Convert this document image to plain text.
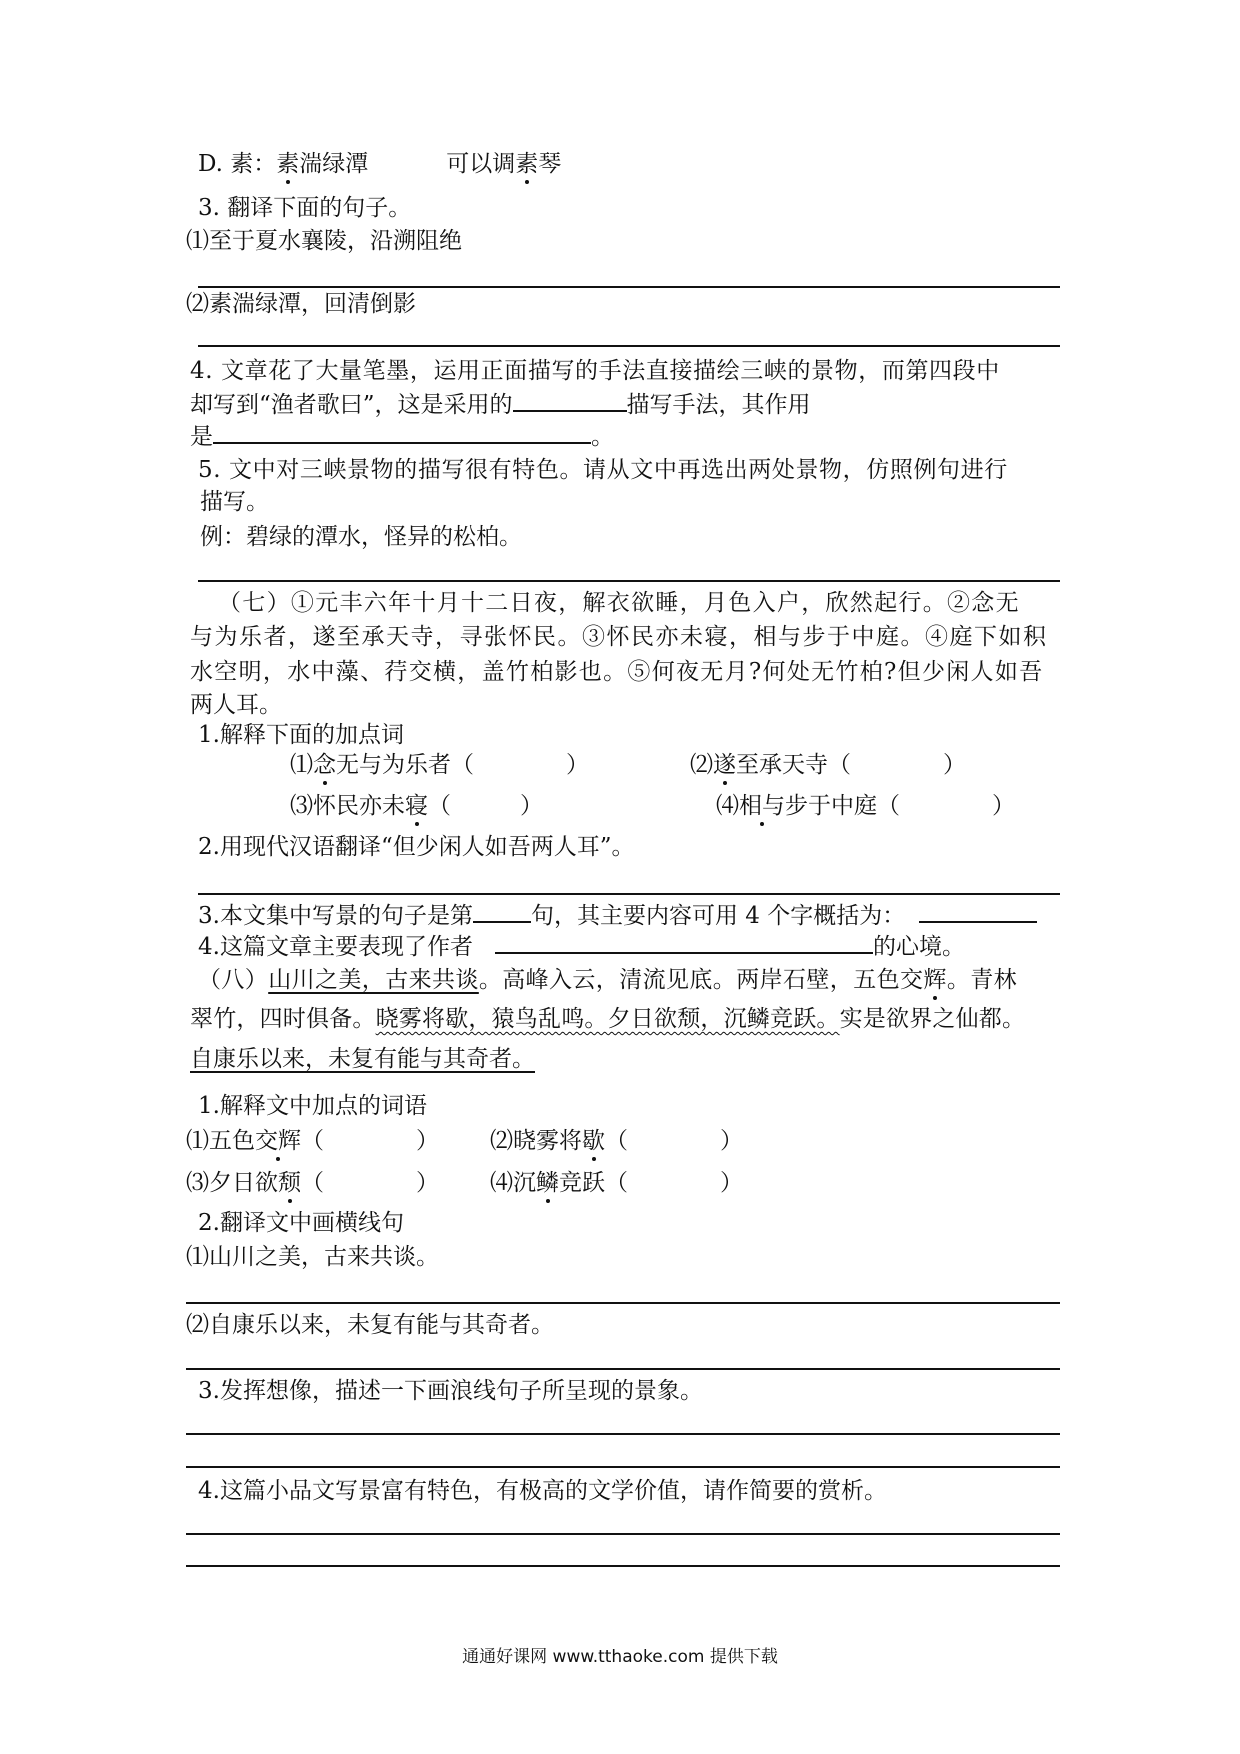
D. 素：素湍绿潭	可以调素琴
3. 翻译下面的句子。
⑴至于夏水襄陵，沿溯阻绝
⑵素湍绿潭，回清倒影
4. 文章花了大量笔墨，运用正面描写的手法直接描绘三峡的景物，而第四段中
却写到“渔者歌曰”，这是采用的	描写手法，其作用
是	。
5. 文中对三峡景物的描写很有特色。请从文中再选出两处景物，仿照例句进行
描写。
例：碧绿的潭水，怪异的松柏。
（七）①元丰六年十月十二日夜，解衣欲睡，月色入户，欣然起行。②念无
与为乐者，遂至承天寺，寻张怀民。③怀民亦未寝，相与步于中庭。④庭下如积
水空明，水中藻、荇交横，盖竹柏影也。⑤何夜无月?何处无竹柏?但少闲人如吾
两人耳。
1.解释下面的加点词
⑴念无与为乐者（　　　　）	⑵遂至承天寺（　　　　）
⑶怀民亦未寝（　　　）	⑷相与步于中庭（　　　　）
2.用现代汉语翻译“但少闲人如吾两人耳”。
3.本文集中写景的句子是第	句，其主要内容可用 4 个字概括为：
4.这篇文章主要表现了作者	的心境。
（八）山川之美，古来共谈。高峰入云，清流见底。两岸石壁，五色交辉。青林
翠竹，四时俱备。晓雾将歇，猿鸟乱鸣。夕日欲颓，沉鳞竞跃。实是欲界之仙都。
自康乐以来，未复有能与其奇者。
1.解释文中加点的词语
⑴五色交辉（　　　　） ⑵晓雾将歇（　　　　）
⑶夕日欲颓（　　　　） ⑷沉鳞竞跃（　　　　）
2.翻译文中画横线句
⑴山川之美，古来共谈。
⑵自康乐以来，未复有能与其奇者。
3.发挥想像，描述一下画浪线句子所呈现的景象。
4.这篇小品文写景富有特色，有极高的文学价值，请作简要的赏析。
通通好课网 www.tthaoke.com 提供下载
